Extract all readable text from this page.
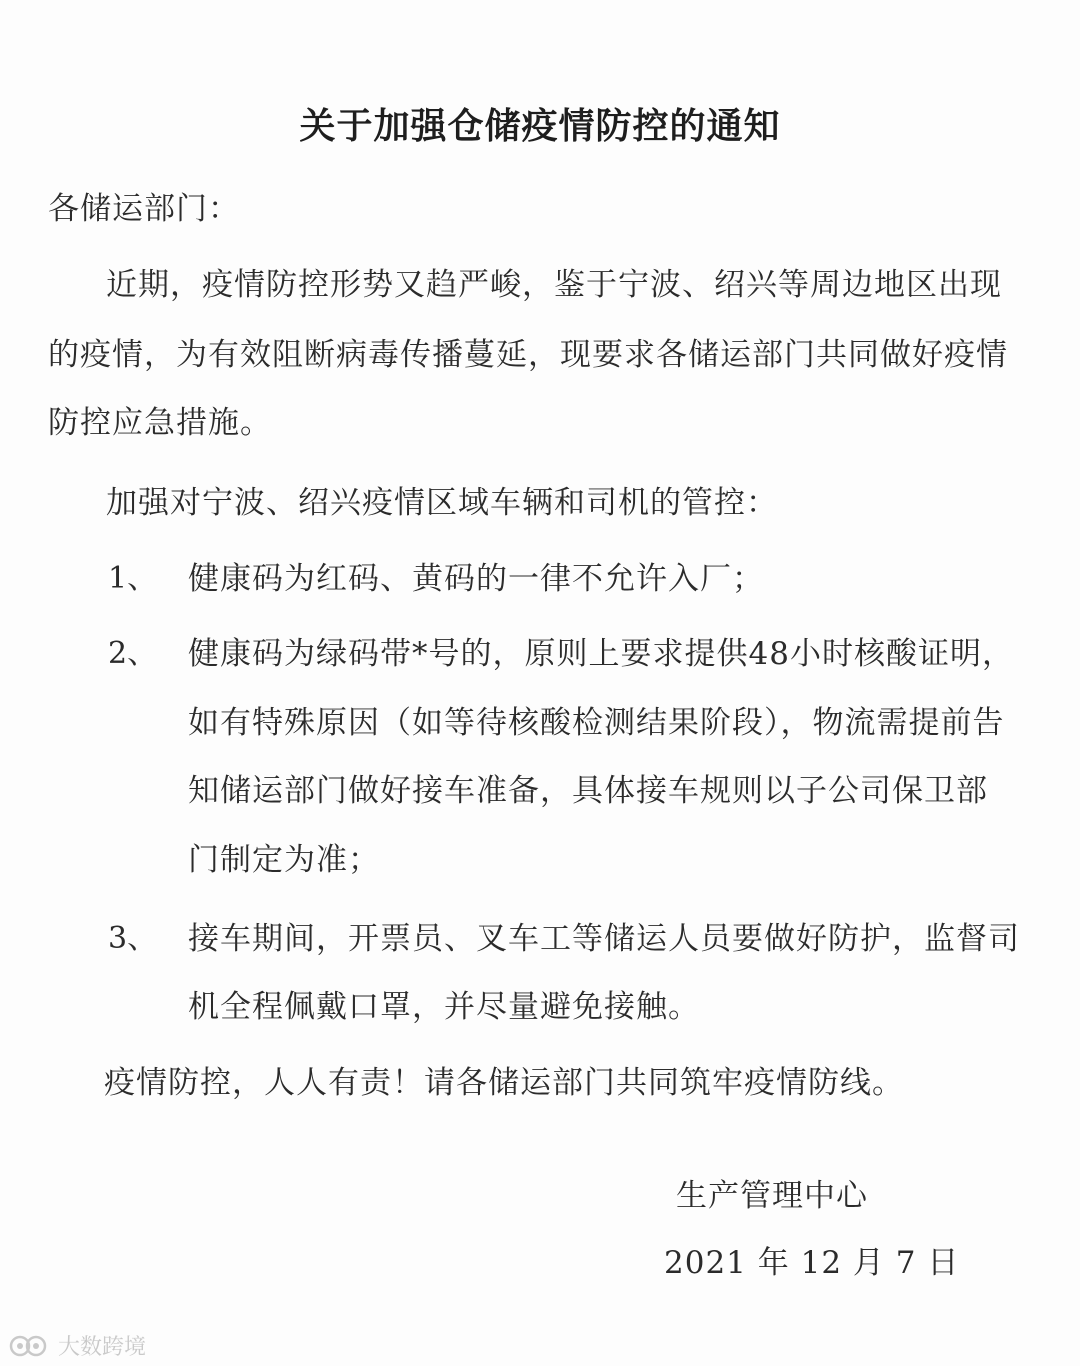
关于加强仓储疫情防控的通知
各储运部门：
近期，疫情防控形势又趋严峻，鉴于宁波、绍兴等周边地区出现
的疫情，为有效阻断病毒传播蔓延，现要求各储运部门共同做好疫情
防控应急措施。
加强对宁波、绍兴疫情区域车辆和司机的管控：
1、 健康码为红码、黄码的一律不允许入厂；
2、 健康码为绿码带*号的，原则上要求提供48小时核酸证明，
如有特殊原因（如等待核酸检测结果阶段），物流需提前告
知储运部门做好接车准备，具体接车规则以子公司保卫部
门制定为准；
3、 接车期间，开票员、叉车工等储运人员要做好防护，监督司
机全程佩戴口罩，并尽量避免接触。
疫情防控，人人有责！请各储运部门共同筑牢疫情防线。
生产管理中心
2021 年 12 月 7 日
大数跨境
